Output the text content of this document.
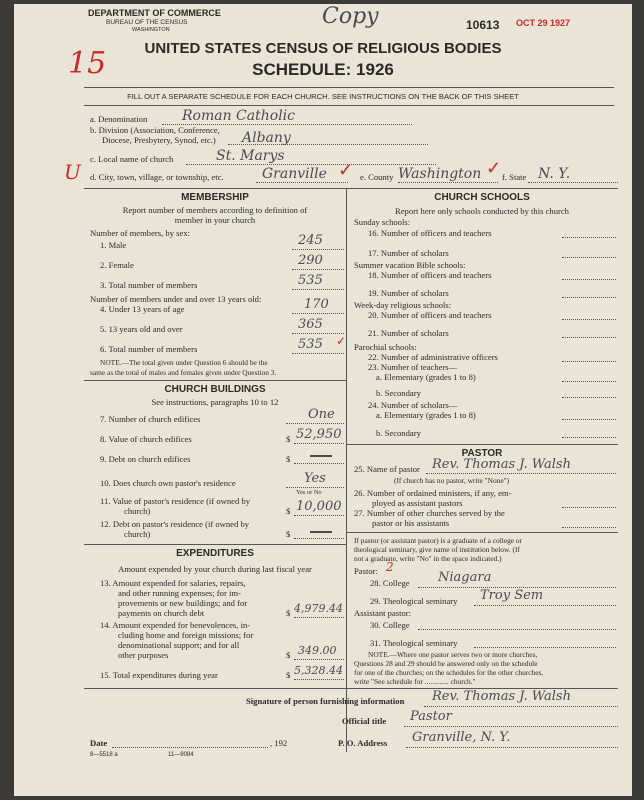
DEPARTMENT OF COMMERCE
BUREAU OF THE CENSUS
WASHINGTON
Copy	10613 OCT 29 1927
15	UNITED STATES CENSUS OF RELIGIOUS BODIES
SCHEDULE: 1926
FILL OUT A SEPARATE SCHEDULE FOR EACH CHURCH. SEE INSTRUCTIONS ON THE BACK OF THIS SHEET
a. Denomination Roman Catholic
b. Division (Association, Conference,
Diocese, Presbytery, Synod, etc.) Albany
c. Local name of church	St. Marys
U d. City, town, village, or township, etc.	Granville ✓ e. County Washington ✓ f. State N. Y.
MEMBERSHIP
Report number of members according to definition of
member in your church
Number of members, by sex:
1. Male	245
2. Female	290
3. Total number of members	535
Number of members under and over 13 years old:
4. Under 13 years of age	170
5. 13 years old and over	365
6. Total number of members	535 ✓
NOTE.—The total given under Question 6 should be the
same as the total of males and females given under Question 3.
CHURCH BUILDINGS
See instructions, paragraphs 10 to 12
7. Number of church edifices	One
8. Value of church edifices	$ 52,950
9. Debt on church edifices	$
10. Does church own pastor's residence	Yes
Yes or No
11. Value of pastor's residence (if owned by
church)	$ 10,000
12. Debt on pastor's residence (if owned by
church)	$
EXPENDITURES
Amount expended by your church during last fiscal year
13. Amount expended for salaries, repairs,
and other running expenses; for im-
provements or new buildings; and for
payments on church debt	$ 4,979.44
14. Amount expended for benevolences, in-
cluding home and foreign missions; for
denominational support; and for all
other purposes	$ 349.00
15. Total expenditures during year	$ 5,328.44
CHURCH SCHOOLS
Report here only schools conducted by this church
Sunday schools:
16. Number of officers and teachers
17. Number of scholars
Summer vacation Bible schools:
18. Number of officers and teachers
19. Number of scholars
Week-day religious schools:
20. Number of officers and teachers
21. Number of scholars
Parochial schools:
22. Number of administrative officers
23. Number of teachers—
a. Elementary (grades 1 to 8)
b. Secondary
24. Number of scholars—
a. Elementary (grades 1 to 8)
b. Secondary
PASTOR
25. Name of pastor Rev. Thomas J. Walsh
(If church has no pastor, write "None")
26. Number of ordained ministers, if any, em-
ployed as assistant pastors
27. Number of other churches served by the
pastor or his assistants
If pastor (or assistant pastor) is a graduate of a college or
theological seminary, give name of institution below. (If
not a graduate, write "No" in the space indicated.)
Pastor: 2
28. College Niagara
29. Theological seminary Troy Sem
Assistant pastor:
30. College
31. Theological seminary
NOTE.—Where one pastor serves two or more churches,
Questions 28 and 29 should be answered only on the schedule
for one of the churches; on the schedules for the other churches,
write "See schedule for ............. church."
Signature of person furnishing information Rev. Thomas J. Walsh
Official title Pastor
Date	, 192	P. O. Address Granville, N. Y.
8—5518 a	11—9084
